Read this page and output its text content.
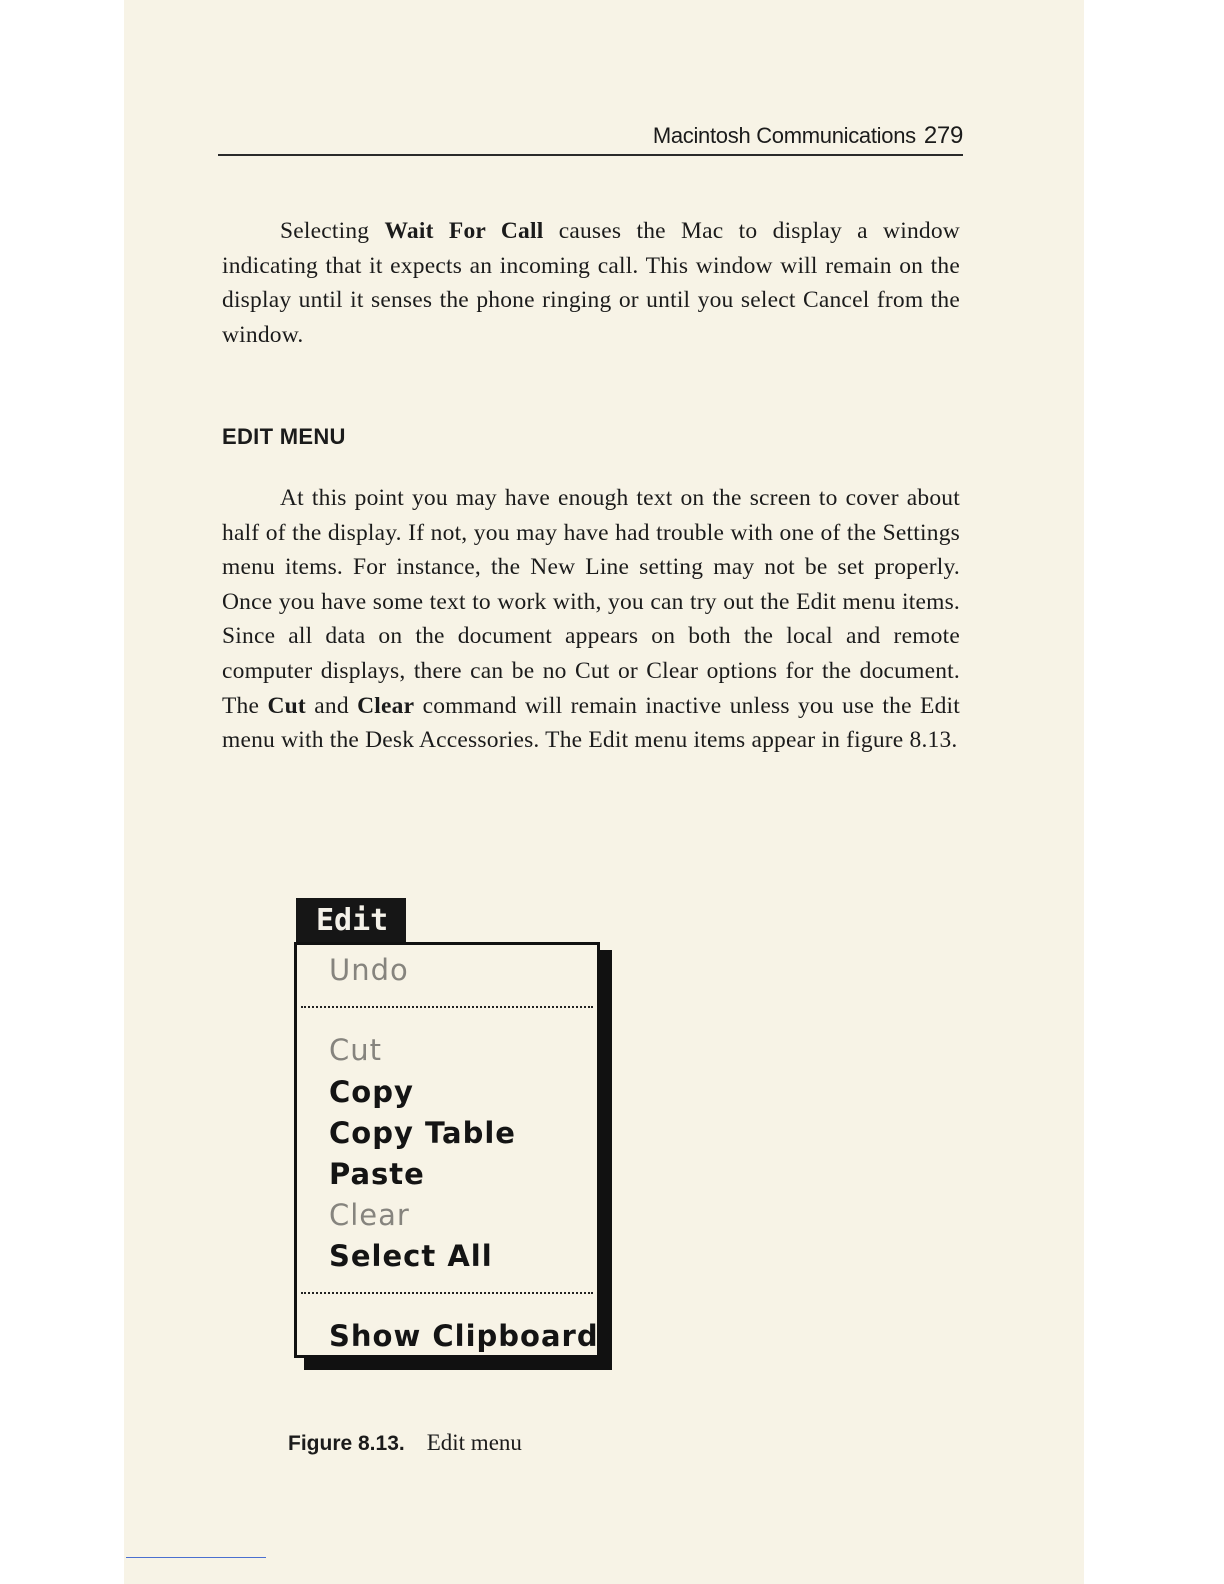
Macintosh Communications 279

Selecting Wait For Call causes the Mac to display a window indicating that it expects an incoming call. This window will remain on the display until it senses the phone ringing or until you select Cancel from the window.

EDIT MENU

At this point you may have enough text on the screen to cover about half of the display. If not, you may have had trouble with one of the Settings menu items. For instance, the New Line setting may not be set properly. Once you have some text to work with, you can try out the Edit menu items. Since all data on the document appears on both the local and remote computer displays, there can be no Cut or Clear options for the document. The Cut and Clear command will remain inactive unless you use the Edit menu with the Desk Accessories. The Edit menu items appear in figure 8.13.

Edit
Undo
Cut
Copy
Copy Table
Paste
Clear
Select All
Show Clipboard
Figure 8.13. Edit menu
